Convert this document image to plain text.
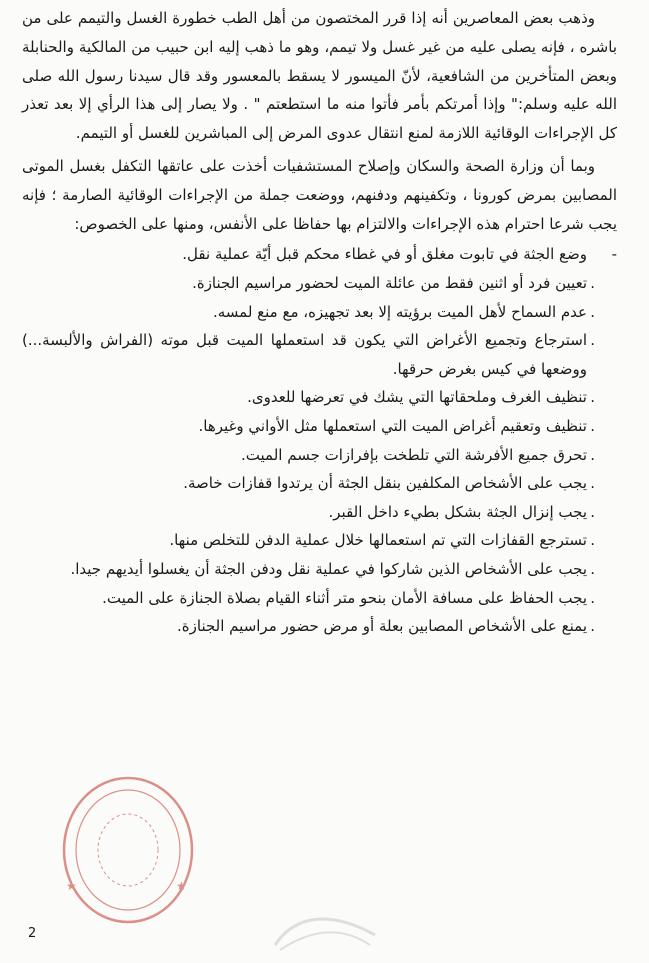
وذهب بعض المعاصرين أنه إذا قرر المختصون من أهل الطب خطورة الغسل والتيمم على من باشره ، فإنه يصلى عليه من غير غسل ولا تيمم، وهو ما ذهب إليه ابن حبيب من المالكية والحنابلة وبعض المتأخرين من الشافعية، لأنّ الميسور لا يسقط بالمعسور وقد قال سيدنا رسول الله صلى الله عليه وسلم:" وإذا أمرتكم بأمر فأتوا منه ما استطعتم " . ولا يصار إلى هذا الرأي إلا بعد تعذر كل الإجراءات الوقائية اللازمة لمنع انتقال عدوى المرض إلى المباشرين للغسل أو التيمم.

وبما أن وزارة الصحة والسكان وإصلاح المستشفيات أخذت على عاتقها التكفل بغسل الموتى المصابين بمرض كورونا ، وتكفينهم ودفنهم، ووضعت جملة من الإجراءات الوقائية الصارمة ؛ فإنه يجب شرعا احترام هذه الإجراءات والالتزام بها حفاظا على الأنفس، ومنها على الخصوص:

-
وضع الجثة في تابوت مغلق أو في غطاء محكم قبل أيّة عملية نقل.
.
تعيين فرد أو اثنين فقط من عائلة الميت لحضور مراسيم الجنازة.
.
عدم السماح لأهل الميت برؤيته إلا بعد تجهيزه، مع منع لمسه.
.
استرجاع وتجميع الأغراض التي يكون قد استعملها الميت قبل موته (الفراش والألبسة...) ووضعها في كيس بغرض حرقها.
.
تنظيف الغرف وملحقاتها التي يشك في تعرضها للعدوى.
.
تنظيف وتعقيم أغراض الميت التي استعملها مثل الأواني وغيرها.
.
تحرق جميع الأفرشة التي تلطخت بإفرازات جسم الميت.
.
يجب على الأشخاص المكلفين بنقل الجثة أن يرتدوا قفازات خاصة.
.
يجب إنزال الجثة بشكل بطيء داخل القبر.
.
تسترجع القفازات التي تم استعمالها خلال عملية الدفن للتخلص منها.
.
يجب على الأشخاص الذين شاركوا في عملية نقل ودفن الجثة أن يغسلوا أيديهم جيدا.
.
يجب الحفاظ على مسافة الأمان بنحو متر أثناء القيام بصلاة الجنازة على الميت.
.
يمنع على الأشخاص المصابين بعلة أو مرض حضور مراسيم الجنازة.
★	★
2
